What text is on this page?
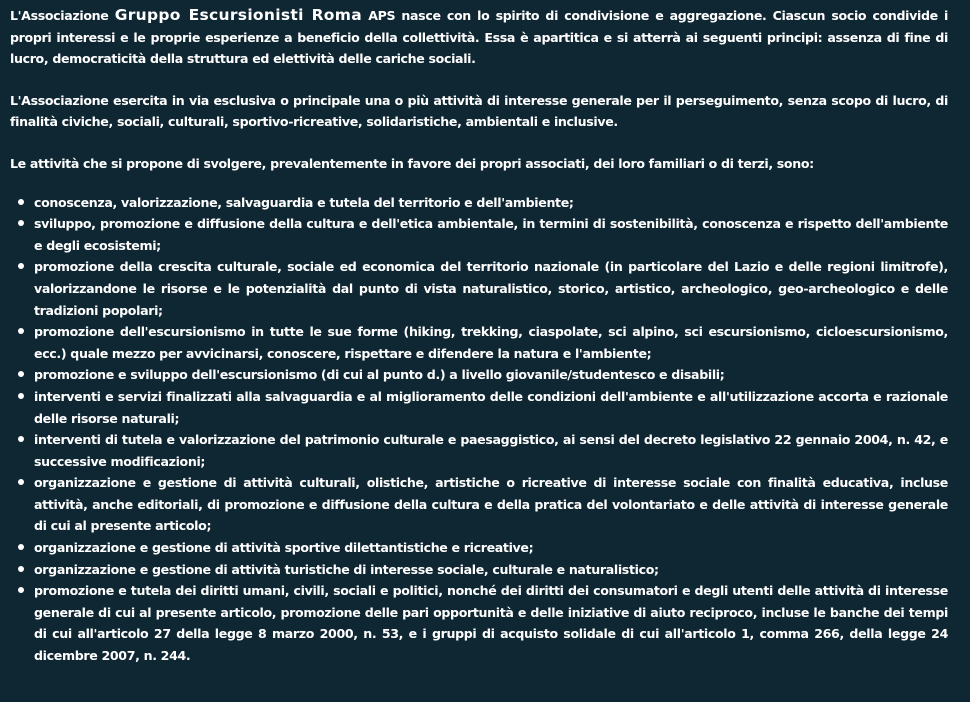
L'Associazione Gruppo Escursionisti Roma APS nasce con lo spirito di condivisione e aggregazione. Ciascun socio condivide i propri interessi e le proprie esperienze a beneficio della collettività. Essa è apartitica e si atterrà ai seguenti principi: assenza di fine di lucro, democraticità della struttura ed elettività delle cariche sociali.

L'Associazione esercita in via esclusiva o principale una o più attività di interesse generale per il perseguimento, senza scopo di lucro, di finalità civiche, sociali, culturali, sportivo-ricreative, solidaristiche, ambientali e inclusive.

Le attività che si propone di svolgere, prevalentemente in favore dei propri associati, dei loro familiari o di terzi, sono:

conoscenza, valorizzazione, salvaguardia e tutela del territorio e dell'ambiente;
sviluppo, promozione e diffusione della cultura e dell'etica ambientale, in termini di sostenibilità, conoscenza e rispetto dell'ambiente e degli ecosistemi;
promozione della crescita culturale, sociale ed economica del territorio nazionale (in particolare del Lazio e delle regioni limitrofe), valorizzandone le risorse e le potenzialità dal punto di vista naturalistico, storico, artistico, archeologico, geo-archeologico e delle tradizioni popolari;
promozione dell'escursionismo in tutte le sue forme (hiking, trekking, ciaspolate, sci alpino, sci escursionismo, cicloescursionismo, ecc.) quale mezzo per avvicinarsi, conoscere, rispettare e difendere la natura e l'ambiente;
promozione e sviluppo dell'escursionismo (di cui al punto d.) a livello giovanile/studentesco e disabili;
interventi e servizi finalizzati alla salvaguardia e al miglioramento delle condizioni dell'ambiente e all'utilizzazione accorta e razionale delle risorse naturali;
interventi di tutela e valorizzazione del patrimonio culturale e paesaggistico, ai sensi del decreto legislativo 22 gennaio 2004, n. 42, e successive modificazioni;
organizzazione e gestione di attività culturali, olistiche, artistiche o ricreative di interesse sociale con finalità educativa, incluse attività, anche editoriali, di promozione e diffusione della cultura e della pratica del volontariato e delle attività di interesse generale di cui al presente articolo;
organizzazione e gestione di attività sportive dilettantistiche e ricreative;
organizzazione e gestione di attività turistiche di interesse sociale, culturale e naturalistico;
promozione e tutela dei diritti umani, civili, sociali e politici, nonché dei diritti dei consumatori e degli utenti delle attività di interesse generale di cui al presente articolo, promozione delle pari opportunità e delle iniziative di aiuto reciproco, incluse le banche dei tempi di cui all'articolo 27 della legge 8 marzo 2000, n. 53, e i gruppi di acquisto solidale di cui all'articolo 1, comma 266, della legge 24 dicembre 2007, n. 244.
